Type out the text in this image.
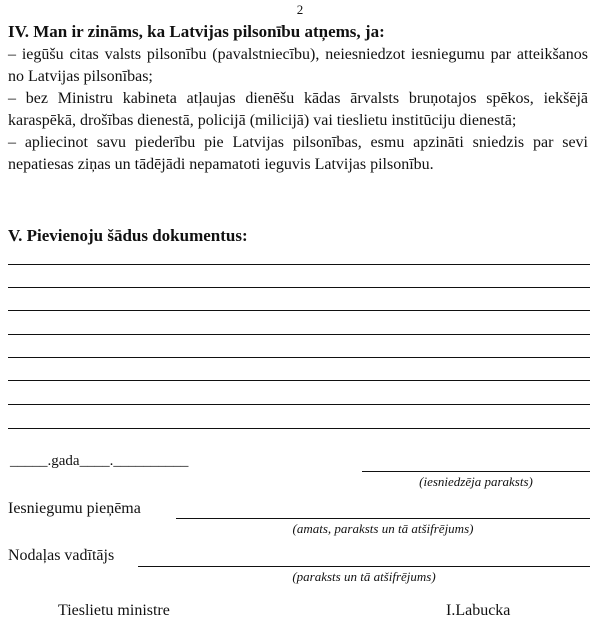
2
IV. Man ir zināms, ka Latvijas pilsonību atņems, ja:

– iegūšu citas valsts pilsonību (pavalstniecību), neiesniedzot iesniegumu par atteikšanos no Latvijas pilsonības;

– bez Ministru kabineta atļaujas dienēšu kādas ārvalsts bruņotajos spēkos, iekšējā karaspēkā, drošības dienestā, policijā (milicijā) vai tieslietu institūciju dienestā;

– apliecinot savu piederību pie Latvijas pilsonības, esmu apzināti sniedzis par sevi nepatiesas ziņas un tādējādi nepamatoti ieguvis Latvijas pilsonību.

V. Pievienoju šādus dokumentus:
_____.gada____.__________
(iesniedzēja paraksts)
Iesniegumu pieņēma
(amats, paraksts un tā atšifrējums)
Nodaļas vadītājs
(paraksts un tā atšifrējums)
Tieslietu ministre	I.Labucka
